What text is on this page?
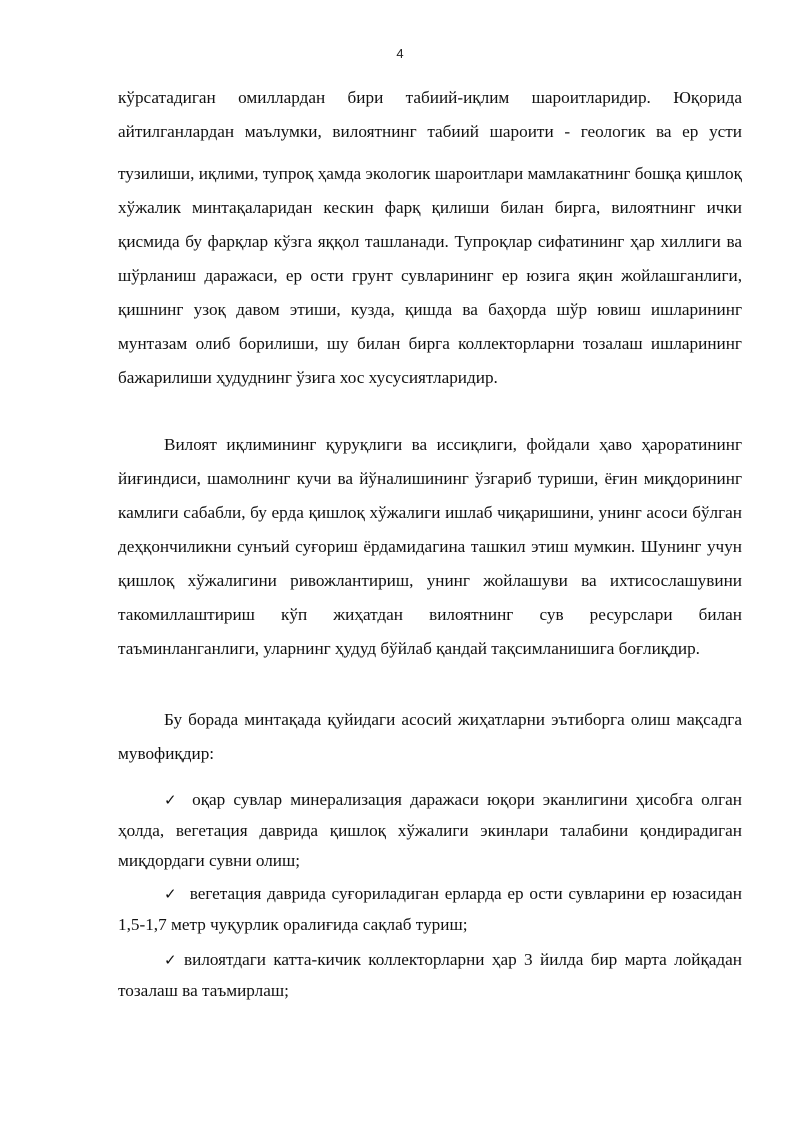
4

кўрсатадиган омиллардан бири табиий-иқлим шароитларидир. Юқорида

айтилганлардан маълумки, вилоятнинг табиий шароити - геологик ва ер усти

тузилиши, иқлими, тупроқ ҳамда экологик шароитлари мамлакатнинг бошқа қишлоқ хўжалик минтақаларидан кескин фарқ қилиши билан бирга, вилоятнинг ички қисмида бу фарқлар кўзга яққол ташланади. Тупроқлар сифатининг ҳар хиллиги ва шўрланиш даражаси, ер ости грунт сувларининг ер юзига яқин жойлашганлиги, қишнинг узоқ давом этиши, кузда, қишда ва баҳорда шўр ювиш ишларининг мунтазам олиб борилиши, шу билан бирга коллекторларни тозалаш ишларининг бажарилиши ҳудуднинг ўзига хос хусусиятларидир.

Вилоят иқлимининг қуруқлиги ва иссиқлиги, фойдали ҳаво ҳароратининг йиғиндиси, шамолнинг кучи ва йўналишининг ўзгариб туриши, ёғин миқдорининг камлиги сабабли, бу ерда қишлоқ хўжалиги ишлаб чиқаришини, унинг асоси бўлган деҳқончиликни сунъий суғориш ёрдамидагина ташкил этиш мумкин. Шунинг учун қишлоқ хўжалигини ривожлантириш, унинг жойлашуви ва ихтисослашувини такомиллаштириш кўп жиҳатдан вилоятнинг сув ресурслари билан таъминланганлиги, уларнинг ҳудуд бўйлаб қандай тақсимланишига боғлиқдир.

Бу борада минтақада қуйидаги асосий жиҳатларни эътиборга олиш мақсадга мувофиқдир:

✓ оқар сувлар минерализация даражаси юқори эканлигини ҳисобга олган ҳолда, вегетация даврида қишлоқ хўжалиги экинлари талабини қондирадиган миқдордаги сувни олиш;

✓ вегетация даврида суғориладиган ерларда ер ости сувларини ер юзасидан 1,5-1,7 метр чуқурлик оралиғида сақлаб туриш;

✓ вилоятдаги катта-кичик коллекторларни ҳар 3 йилда бир марта лойқадан тозалаш ва таъмирлаш;
